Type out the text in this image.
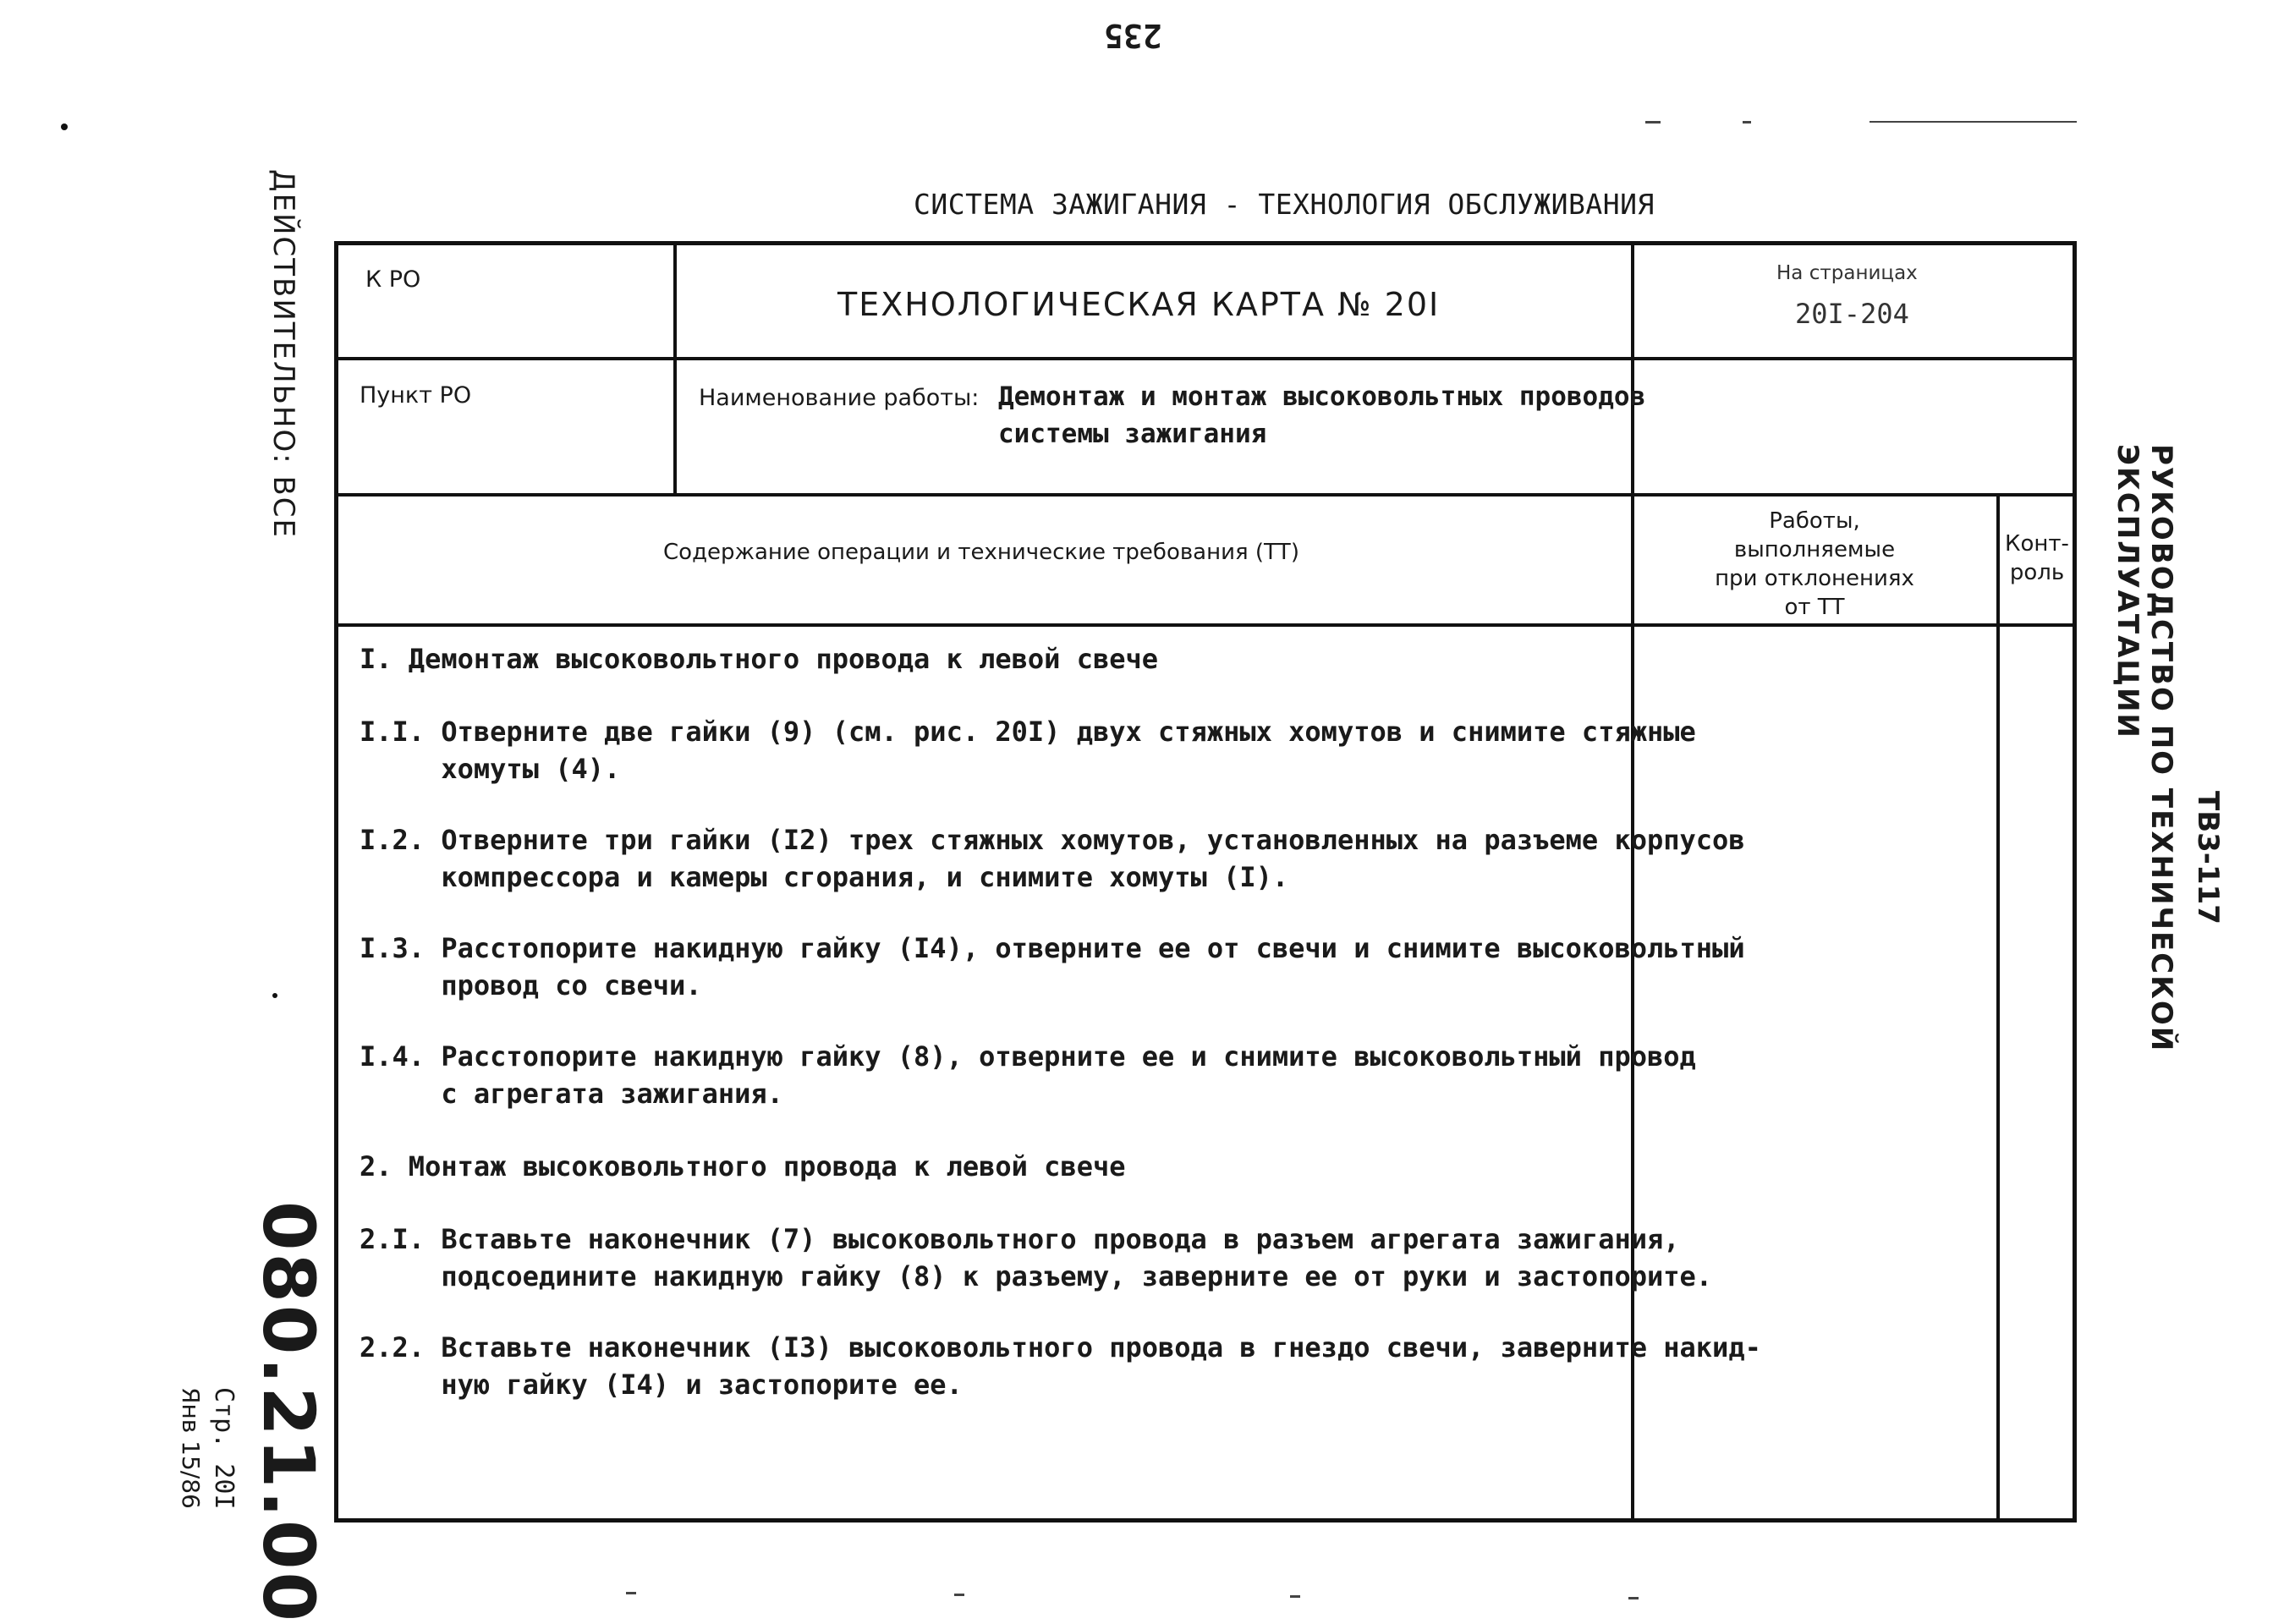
235
СИСТЕМА ЗАЖИГАНИЯ - ТЕХНОЛОГИЯ ОБСЛУЖИВАНИЯ
ДЕЙСТВИТЕЛЬНО: ВСЕ
080.21.00
Стр. 20I
Янв 15/86
РУКОВОДСТВО ПО ТЕХНИЧЕСКОЙ ЭКСПЛУАТАЦИИ
ТВ3-117
К РО
ТЕХНОЛОГИЧЕСКАЯ КАРТА № 20I
На страницах
20I-204
Пункт РО	Наименование работы: Демонтаж и монтаж высоковольтных проводов
системы зажигания
Содержание операции и технические требования (ТТ)
Работы,
выполняемые
при отклонениях
от ТТ
Конт-
роль
I. Демонтаж высоковольтного провода к левой свече
I.I. Отверните две гайки (9) (см. рис. 20I) двух стяжных хомутов и снимите стяжные
хомуты (4).
I.2. Отверните три гайки (I2) трех стяжных хомутов, установленных на разъеме корпусов
компрессора и камеры сгорания, и снимите хомуты (I).
I.3. Расстопорите накидную гайку (I4), отверните ее от свечи и снимите высоковольтный
провод со свечи.
I.4. Расстопорите накидную гайку (8), отверните ее и снимите высоковольтный провод
с агрегата зажигания.
2. Монтаж высоковольтного провода к левой свече
2.I. Вставьте наконечник (7) высоковольтного провода в разъем агрегата зажигания,
подсоедините накидную гайку (8) к разъему, заверните ее от руки и застопорите.
2.2. Вставьте наконечник (I3) высоковольтного провода в гнездо свечи, заверните накид-
ную гайку (I4) и застопорите ее.
